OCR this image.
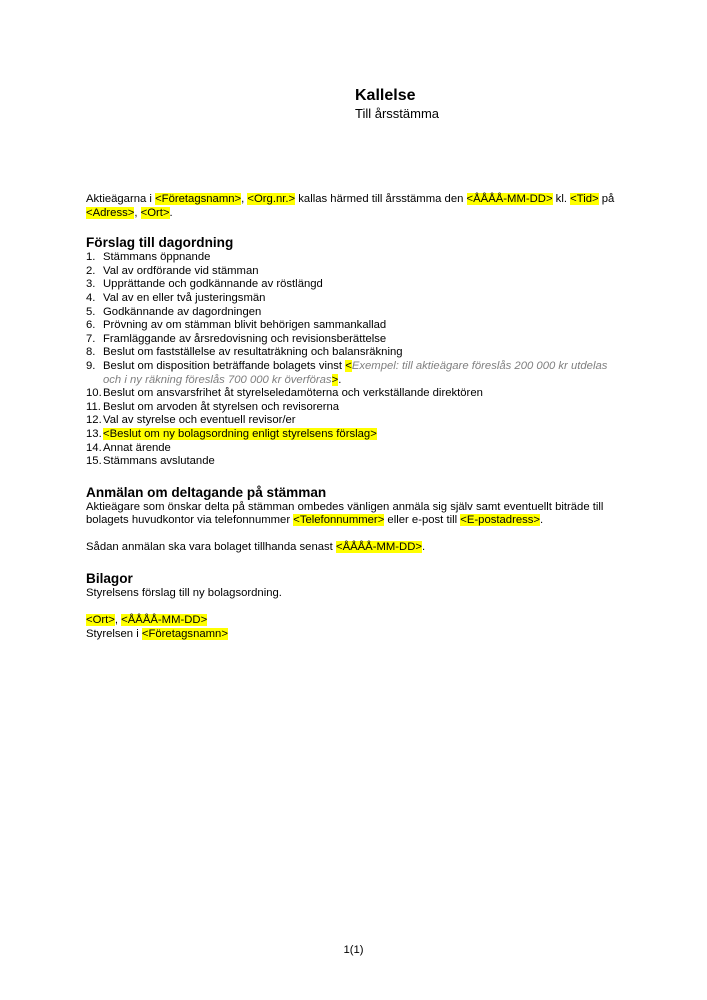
Kallelse

Till årsstämma

Aktieägarna i <Företagsnamn>, <Org.nr.> kallas härmed till årsstämma den <ÅÅÅÅ-MM-DD> kl. <Tid> på <Adress>, <Ort>.

Förslag till dagordning
1. Stämmans öppnande
2. Val av ordförande vid stämman
3. Upprättande och godkännande av röstlängd
4. Val av en eller två justeringsmän
5. Godkännande av dagordningen
6. Prövning av om stämman blivit behörigen sammankallad
7. Framläggande av årsredovisning och revisionsberättelse
8. Beslut om fastställelse av resultaträkning och balansräkning
9. Beslut om disposition beträffande bolagets vinst <Exempel: till aktieägare föreslås 200 000 kr utdelas och i ny räkning föreslås 700 000 kr överföras>.
10. Beslut om ansvarsfrihet åt styrelseledamöterna och verkställande direktören
11. Beslut om arvoden åt styrelsen och revisorerna
12. Val av styrelse och eventuell revisor/er
13. <Beslut om ny bolagsordning enligt styrelsens förslag>
14. Annat ärende
15. Stämmans avslutande
Anmälan om deltagande på stämman

Aktieägare som önskar delta på stämman ombedes vänligen anmäla sig själv samt eventuellt biträde till bolagets huvudkontor via telefonnummer <Telefonnummer> eller e-post till <E-postadress>.

Sådan anmälan ska vara bolaget tillhanda senast <ÅÅÅÅ-MM-DD>.

Bilagor

Styrelsens förslag till ny bolagsordning.

<Ort>, <ÅÅÅÅ-MM-DD>

Styrelsen i <Företagsnamn>

1(1)
